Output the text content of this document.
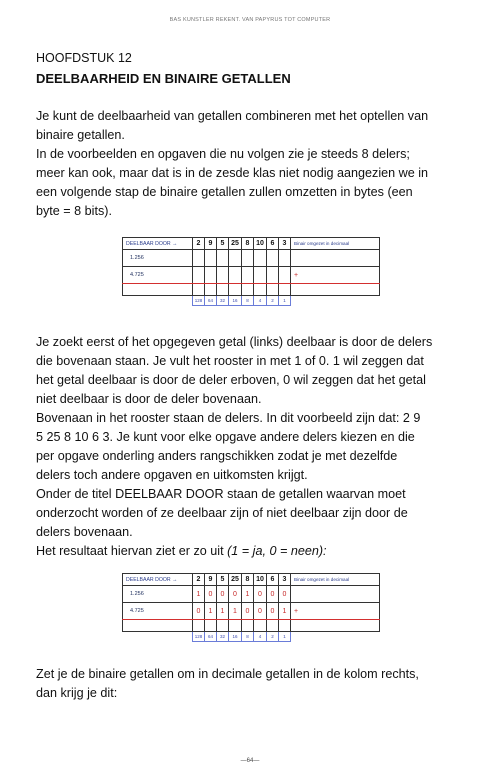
BAS KUNSTLER REKENT. VAN PAPYRUS TOT COMPUTER
HOOFDSTUK 12
DEELBAARHEID EN BINAIRE GETALLEN

Je kunt de deelbaarheid van getallen combineren met het optellen van
binaire getallen.
In de voorbeelden en opgaven die nu volgen zie je steeds 8 delers;
meer kan ook, maar dat is in de zesde klas niet nodig aangezien we in
een volgende stap de binaire getallen zullen omzetten in bytes (een
byte = 8 bits).

DEELBAAR DOOR →	2	9	5	25	8	10	6	3	Binair omgezet in decimaal
1.256									
4.725									+

	128	64	32	16	8	4	2	1	

Je zoekt eerst of het opgegeven getal (links) deelbaar is door de delers
die bovenaan staan. Je vult het rooster in met 1 of 0. 1 wil zeggen dat
het getal deelbaar is door de deler erboven, 0 wil zeggen dat het getal
niet deelbaar is door de deler bovenaan.
Bovenaan in het rooster staan de delers. In dit voorbeeld zijn dat: 2 9
5 25 8 10 6 3. Je kunt voor elke opgave andere delers kiezen en die
per opgave onderling anders rangschikken zodat je met dezelfde
delers toch andere opgaven en uitkomsten krijgt.
Onder de titel DEELBAAR DOOR staan de getallen waarvan moet
onderzocht worden of ze deelbaar zijn of niet deelbaar zijn door de
delers bovenaan.
Het resultaat hiervan ziet er zo uit (1 = ja, 0 = neen):

DEELBAAR DOOR →	2	9	5	25	8	10	6	3	Binair omgezet in decimaal
1.256	1	0	0	0	1	0	0	0	
4.725	0	1	1	1	0	0	0	1	+

	128	64	32	16	8	4	2	1	

Zet je de binaire getallen om in decimale getallen in de kolom rechts,
dan krijg je dit:

—64—
